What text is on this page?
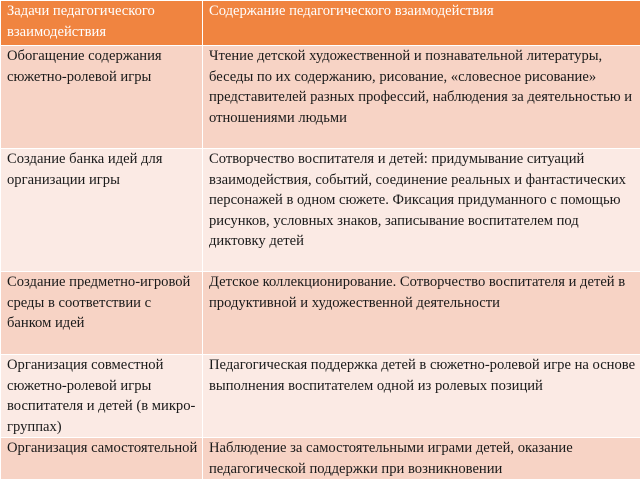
Задачи педагогического взаимодействия	Содержание педагогического взаимодействия
Обогащение содержания сюжетно-ролевой игры	Чтение детской художественной и познавательной литературы, беседы по их содержанию, рисование, «словесное рисование» представителей разных профессий, наблюдения за деятельностью и отношениями людьми
Создание банка идей для организации игры	Сотворчество воспитателя и детей: придумывание ситуаций взаимодействия, событий, соединение реальных и фантастических персонажей в одном сюжете. Фиксация придуманного с помощью рисунков, условных знаков, записывание воспитателем под диктовку детей
Создание предметно-игровой среды в соответствии с банком идей	Детское коллекционирование. Сотворчество воспитателя и детей в продуктивной и художественной деятельности
Организация совместной сюжетно-ролевой игры воспитателя и детей (в микро-группах)	Педагогическая поддержка детей в сюжетно-ролевой игре на основе выполнения воспитателем одной из ролевых позиций
Организация самостоятельной	Наблюдение за самостоятельными играми детей, оказание педагогической поддержки при возникновении
